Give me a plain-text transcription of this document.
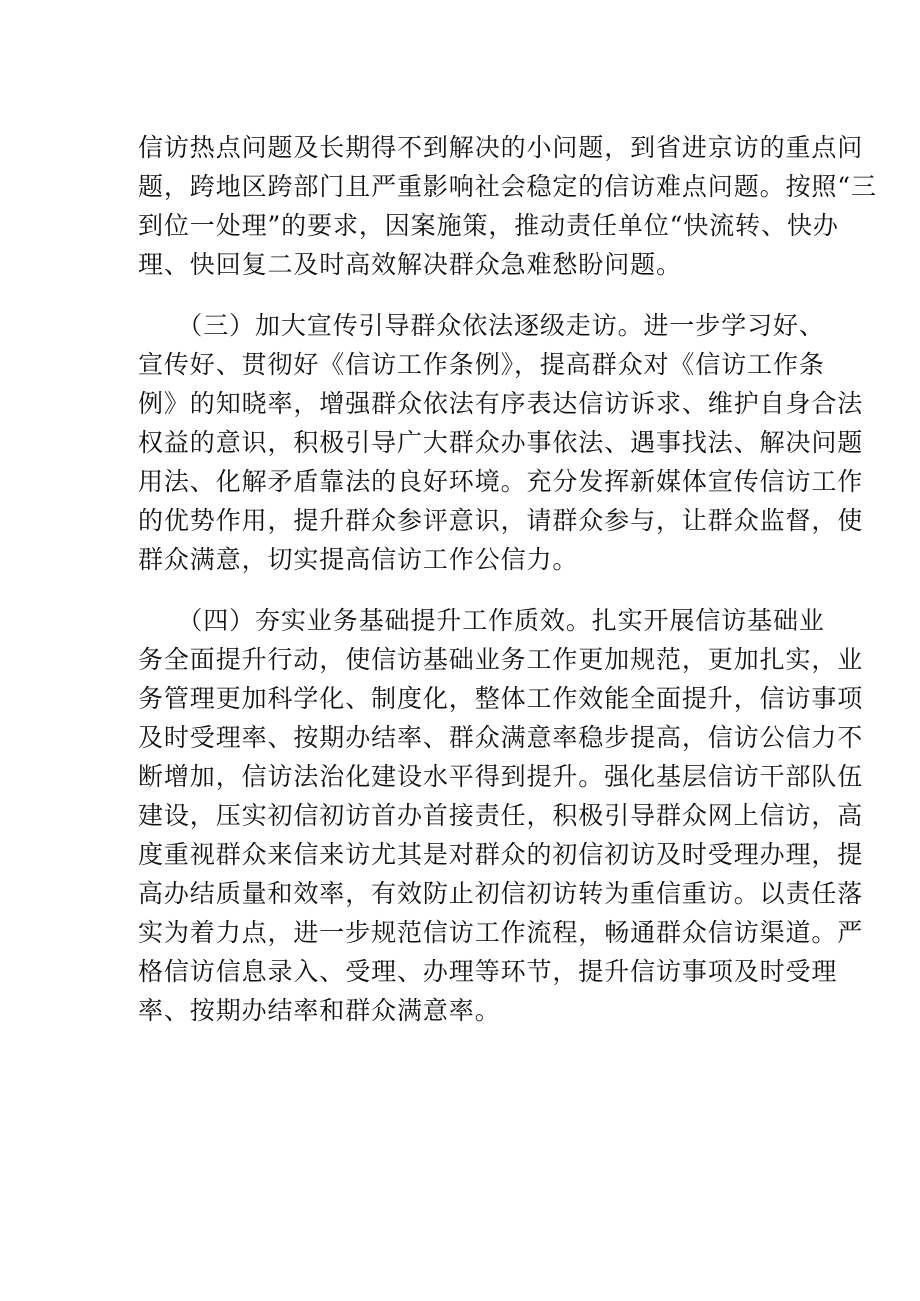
信访热点问题及长期得不到解决的小问题，到省进京访的重点问
题，跨地区跨部门且严重影响社会稳定的信访难点问题。按照“三
到位一处理”的要求，因案施策，推动责任单位“快流转、快办
理、快回复二及时高效解决群众急难愁盼问题。
　　（三）加大宣传引导群众依法逐级走访。进一步学习好、
宣传好、贯彻好《信访工作条例》，提高群众对《信访工作条
例》的知晓率，增强群众依法有序表达信访诉求、维护自身合法
权益的意识，积极引导广大群众办事依法、遇事找法、解决问题
用法、化解矛盾靠法的良好环境。充分发挥新媒体宣传信访工作
的优势作用，提升群众参评意识，请群众参与，让群众监督，使
群众满意，切实提高信访工作公信力。
　　（四）夯实业务基础提升工作质效。扎实开展信访基础业
务全面提升行动，使信访基础业务工作更加规范，更加扎实，业
务管理更加科学化、制度化，整体工作效能全面提升，信访事项
及时受理率、按期办结率、群众满意率稳步提高，信访公信力不
断增加，信访法治化建设水平得到提升。强化基层信访干部队伍
建设，压实初信初访首办首接责任，积极引导群众网上信访，高
度重视群众来信来访尤其是对群众的初信初访及时受理办理，提
高办结质量和效率，有效防止初信初访转为重信重访。以责任落
实为着力点，进一步规范信访工作流程，畅通群众信访渠道。严
格信访信息录入、受理、办理等环节，提升信访事项及时受理
率、按期办结率和群众满意率。
